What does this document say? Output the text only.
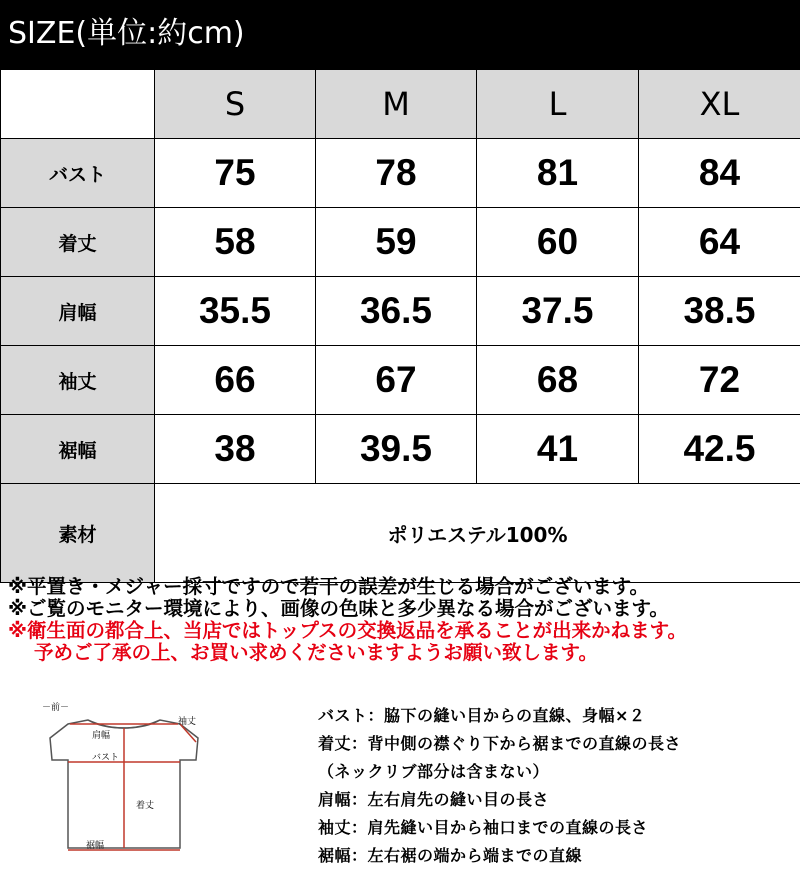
SIZE(単位:約cm)
	S	M	L	XL
バスト	75	78	81	84
着丈	58	59	60	64
肩幅	35.5	36.5	37.5	38.5
袖丈	66	67	68	72
裾幅	38	39.5	41	42.5
素材	ポリエステル100%			
※平置き・メジャー採寸ですので若干の誤差が生じる場合がございます。
※ご覧のモニター環境により、画像の色味と多少異なる場合がございます。
※衛生面の都合上、当店ではトップスの交換返品を承ることが出来かねます。
予めご了承の上、お買い求めくださいますようお願い致します。
－前－
肩幅
袖丈
バスト
着丈
裾幅
バスト：脇下の縫い目からの直線、身幅×２
着丈：背中側の襟ぐり下から裾までの直線の長さ
（ネックリブ部分は含まない）
肩幅：左右肩先の縫い目の長さ
袖丈：肩先縫い目から袖口までの直線の長さ
裾幅：左右裾の端から端までの直線
